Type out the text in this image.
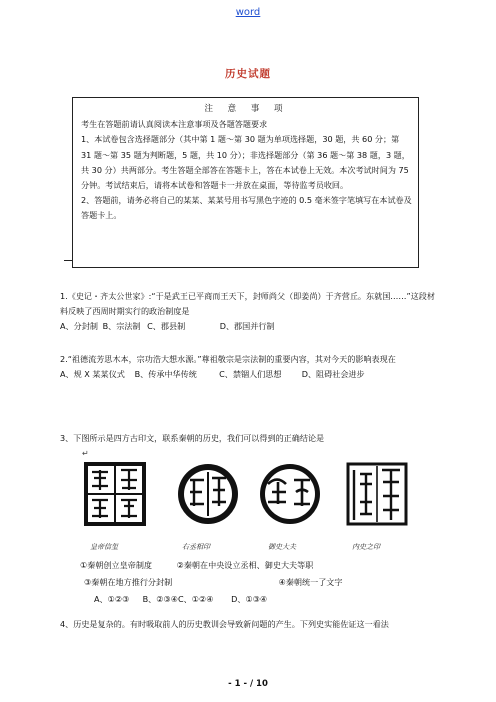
word
历史试题
注 意 事 项

考生在答题前请认真阅读本注意事项及各题答题要求

1、本试卷包含选择题部分（其中第 1 题～第 30 题为单项选择题，30 题，共 60 分；第 31 题～第 35 题为判断题，5 题，共 10 分）；非选择题部分（第 36 题～第 38 题，3 题，共 30 分）共两部分。考生答题全部答在答题卡上，答在本试卷上无效。本次考试时间为 75 分钟。考试结束后，请将本试卷和答题卡一并放在桌面，等待监考员收回。

2、答题前，请务必将自己的某某、某某号用书写黑色字迹的 0.5 毫米签字笔填写在本试卷及答题卡上。

1.《史记・齐太公世家》:“于是武王已平商而王天下，封师尚父（即姜尚）于齐营丘。东就国……”这段材料反映了西周时期实行的政治制度是

A、分封制 B、宗法制 C、郡县制	D、郡国并行制

2.“祖德流芳思木本，宗功浩大想水源。”尊祖敬宗是宗法制的重要内容，其对今天的影响表现在

A、规 X 某某仪式 B、传承中华传统	C、禁锢人们思想	D、阻碍社会进步

3、下图所示是四方古印文，联系秦朝的历史，我们可以得到的正确结论是

↵

皇帝信玺	右丞相印	御史大夫	内史之印

①秦朝创立皇帝制度	②秦朝在中央设立丞相、御史大夫等职

③秦朝在地方推行分封制	④秦朝统一了文字

A、①②③ B、②③④C、①②④ D、①③④

4、历史是复杂的。有时吸取前人的历史教训会导致新问题的产生。下列史实能佐证这一看法

- 1 - / 10
